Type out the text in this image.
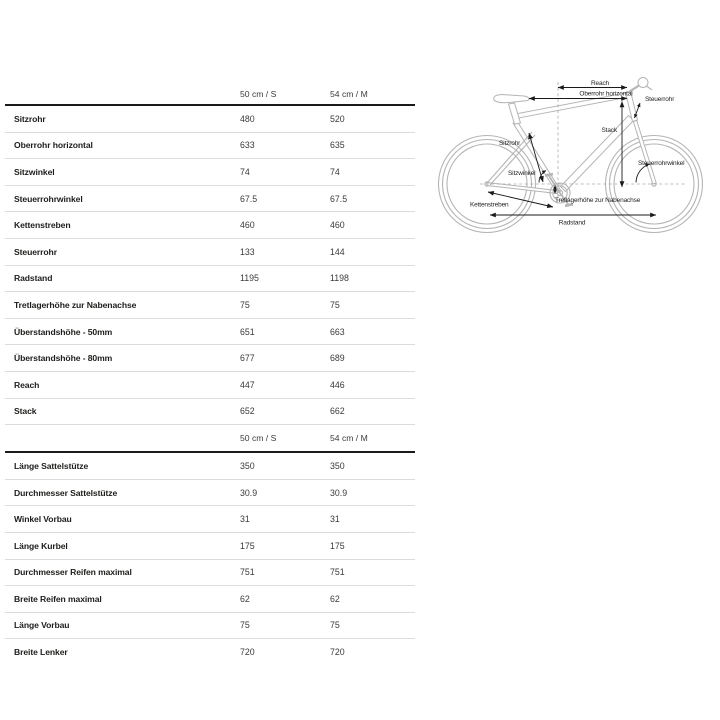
50 cm / S	54 cm / M
Sitzrohr	480	520
Oberrohr horizontal	633	635
Sitzwinkel	74	74
Steuerrohrwinkel	67.5	67.5
Kettenstreben	460	460
Steuerrohr	133	144
Radstand	1195	1198
Tretlagerhöhe zur Nabenachse	75	75
Überstandshöhe - 50mm	651	663
Überstandshöhe - 80mm	677	689
Reach	447	446
Stack	652	662
50 cm / S	54 cm / M
Länge Sattelstütze	350	350
Durchmesser Sattelstütze	30.9	30.9
Winkel Vorbau	31	31
Länge Kurbel	175	175
Durchmesser Reifen maximal	751	751
Breite Reifen maximal	62	62
Länge Vorbau	75	75
Breite Lenker	720	720
Reach
Oberrohr horizontal
Steuerrohr
Stack
Sitzrohr
Sitzwinkel
Steuerrohrwinkel
Tretlagerhöhe zur Nabenachse
Kettenstreben
Radstand
